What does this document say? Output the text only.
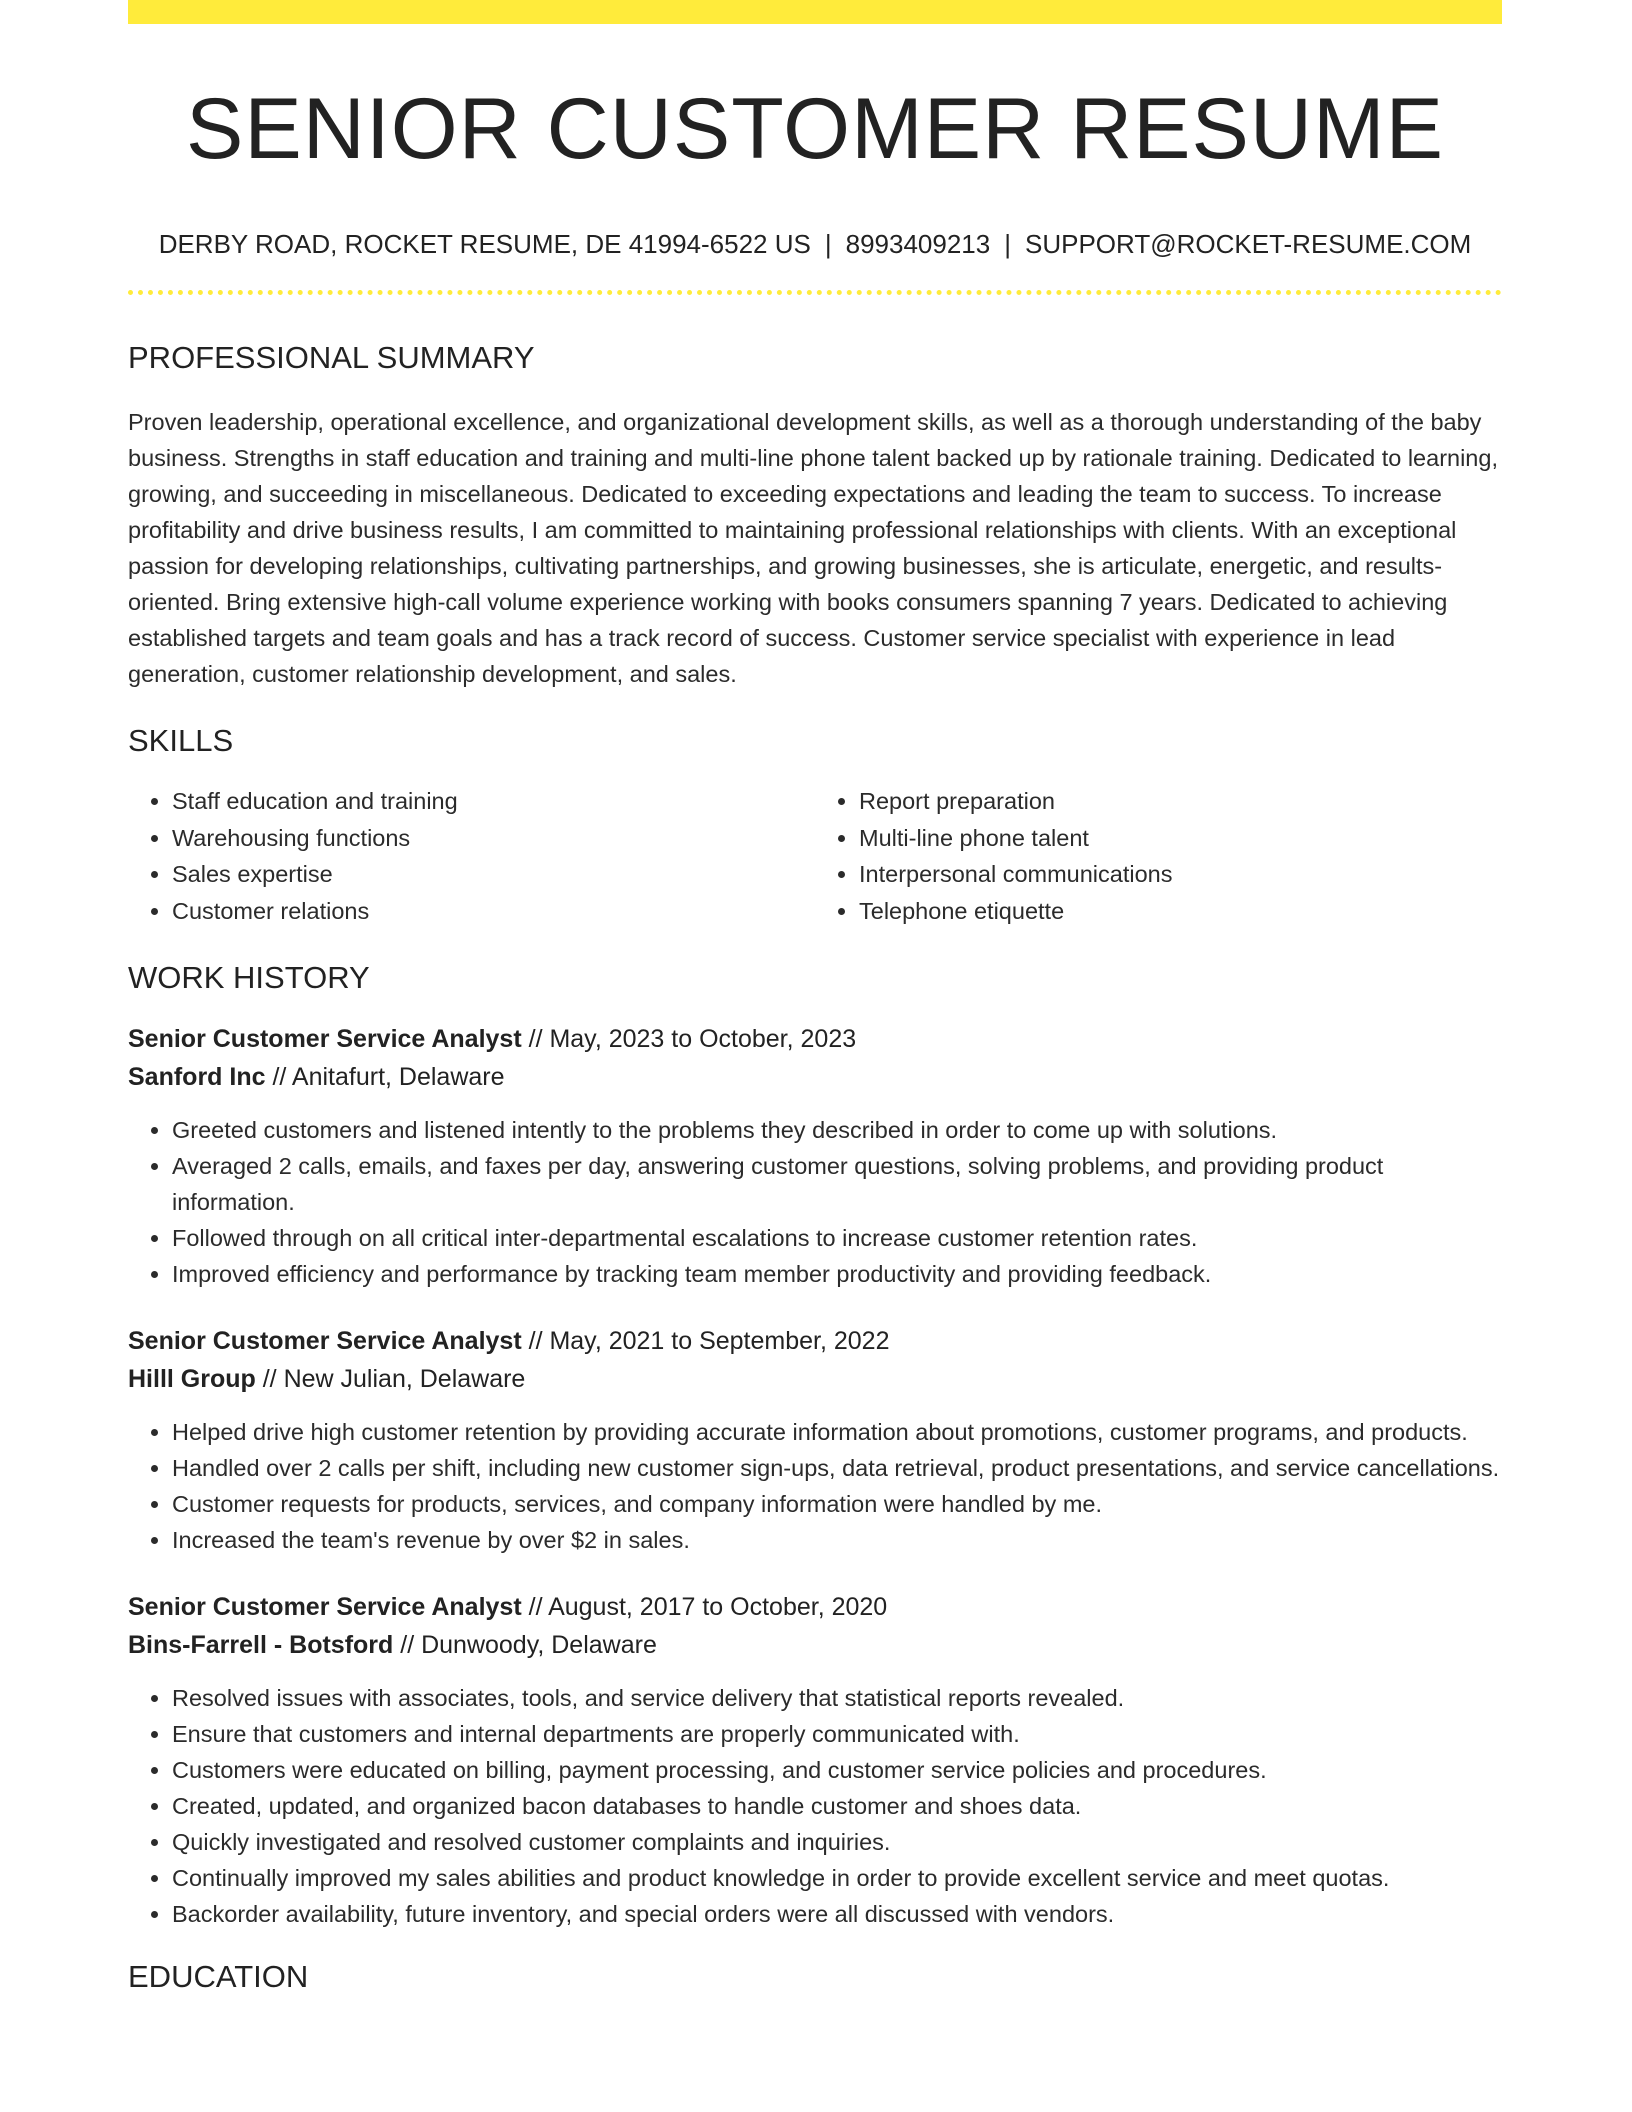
SENIOR CUSTOMER RESUME
DERBY ROAD, ROCKET RESUME, DE 41994-6522 US | 8993409213 | SUPPORT@ROCKET-RESUME.COM
PROFESSIONAL SUMMARY

Proven leadership, operational excellence, and organizational development skills, as well as a thorough understanding of the baby business. Strengths in staff education and training and multi-line phone talent backed up by rationale training. Dedicated to learning, growing, and succeeding in miscellaneous. Dedicated to exceeding expectations and leading the team to success. To increase profitability and drive business results, I am committed to maintaining professional relationships with clients. With an exceptional passion for developing relationships, cultivating partnerships, and growing businesses, she is articulate, energetic, and results-oriented. Bring extensive high-call volume experience working with books consumers spanning 7 years. Dedicated to achieving established targets and team goals and has a track record of success. Customer service specialist with experience in lead generation, customer relationship development, and sales.

SKILLS
• Staff education and training
• Warehousing functions
• Sales expertise
• Customer relations
• Report preparation
• Multi-line phone talent
• Interpersonal communications
• Telephone etiquette
WORK HISTORY
Senior Customer Service Analyst // May, 2023 to October, 2023
Sanford Inc // Anitafurt, Delaware
• Greeted customers and listened intently to the problems they described in order to come up with solutions.
• Averaged 2 calls, emails, and faxes per day, answering customer questions, solving problems, and providing product information.
• Followed through on all critical inter-departmental escalations to increase customer retention rates.
• Improved efficiency and performance by tracking team member productivity and providing feedback.
Senior Customer Service Analyst // May, 2021 to September, 2022
Hilll Group // New Julian, Delaware
• Helped drive high customer retention by providing accurate information about promotions, customer programs, and products.
• Handled over 2 calls per shift, including new customer sign-ups, data retrieval, product presentations, and service cancellations.
• Customer requests for products, services, and company information were handled by me.
• Increased the team's revenue by over $2 in sales.
Senior Customer Service Analyst // August, 2017 to October, 2020
Bins-Farrell - Botsford // Dunwoody, Delaware
• Resolved issues with associates, tools, and service delivery that statistical reports revealed.
• Ensure that customers and internal departments are properly communicated with.
• Customers were educated on billing, payment processing, and customer service policies and procedures.
• Created, updated, and organized bacon databases to handle customer and shoes data.
• Quickly investigated and resolved customer complaints and inquiries.
• Continually improved my sales abilities and product knowledge in order to provide excellent service and meet quotas.
• Backorder availability, future inventory, and special orders were all discussed with vendors.
EDUCATION
